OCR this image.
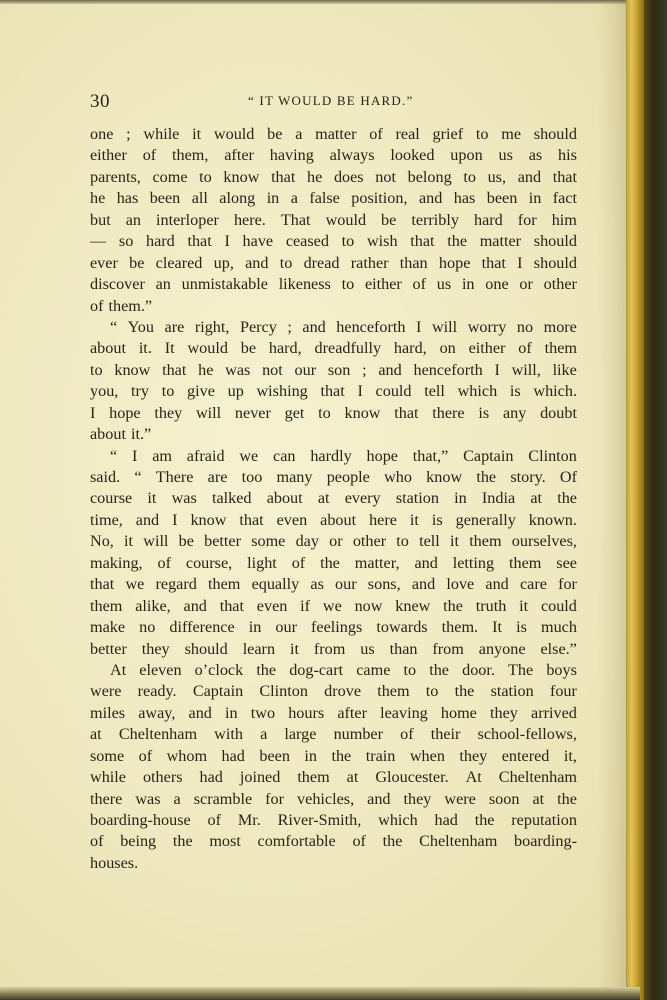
30	“ IT WOULD BE HARD.”
one ; while it would be a matter of real grief to me should
either of them, after having always looked upon us as his
parents, come to know that he does not belong to us, and that
he has been all along in a false position, and has been in fact
but an interloper here. That would be terribly hard for him
— so hard that I have ceased to wish that the matter should
ever be cleared up, and to dread rather than hope that I should
discover an unmistakable likeness to either of us in one or other
of them.”
“ You are right, Percy ; and henceforth I will worry no more
about it. It would be hard, dreadfully hard, on either of them
to know that he was not our son ; and henceforth I will, like
you, try to give up wishing that I could tell which is which.
I hope they will never get to know that there is any doubt
about it.”
“ I am afraid we can hardly hope that,” Captain Clinton
said. “ There are too many people who know the story. Of
course it was talked about at every station in India at the
time, and I know that even about here it is generally known.
No, it will be better some day or other to tell it them ourselves,
making, of course, light of the matter, and letting them see
that we regard them equally as our sons, and love and care for
them alike, and that even if we now knew the truth it could
make no difference in our feelings towards them. It is much
better they should learn it from us than from anyone else.”
At eleven o’clock the dog-cart came to the door. The boys
were ready. Captain Clinton drove them to the station four
miles away, and in two hours after leaving home they arrived
at Cheltenham with a large number of their school-fellows,
some of whom had been in the train when they entered it,
while others had joined them at Gloucester. At Cheltenham
there was a scramble for vehicles, and they were soon at the
boarding-house of Mr. River-Smith, which had the reputation
of being the most comfortable of the Cheltenham boarding-
houses.
